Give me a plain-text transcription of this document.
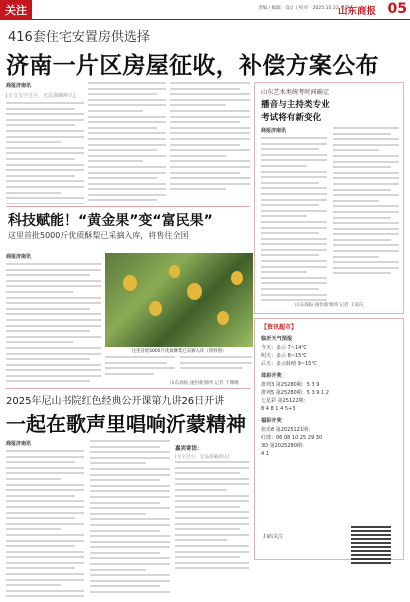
关注	责编 / 编辑 · 设计 / 校对 · 2025.10.22 星期三
山东商报 05
416套住宅安置房供选择
济南一片区房屋征收，补偿方案公布
商报济南讯
[正文文字过小，无法准确辨认]	山东艺术类统考时间确定
播音与主持类专业
考试将有新变化
商报济南讯
山东商报·速豹新闻网 记者 王道庆
科技赋能！“黄金果”变“富民果”
这里首批5000斤优质酥梨已采摘入库，将售往全国
商报济南讯
这里首批5000斤优质酥梨已采摘入库（资料图）
山东商报·速豹新闻网 记者 于珊珊
【资讯超市】
临沂天气预报
今天：多云 7~14℃
明天：多云 8~15℃
后天：多云转晴 9~15℃
体彩开奖
排列3 第25280期：5 3 9
排列5 第25280期：5 3 9 1 2
七星彩 第25122期：
8 4 8 1 4 5+3
福彩开奖
快乐8 第2025121期：
红球：06 08 10 25 29 30
3D 第2025280期：
4 1
扫码关注
2025年尼山书院红色经典公开课第九讲26日开讲
一起在歌声里唱响沂蒙精神
商报济南讯
嘉宾寄语：
[文字过小，无法准确辨认]
